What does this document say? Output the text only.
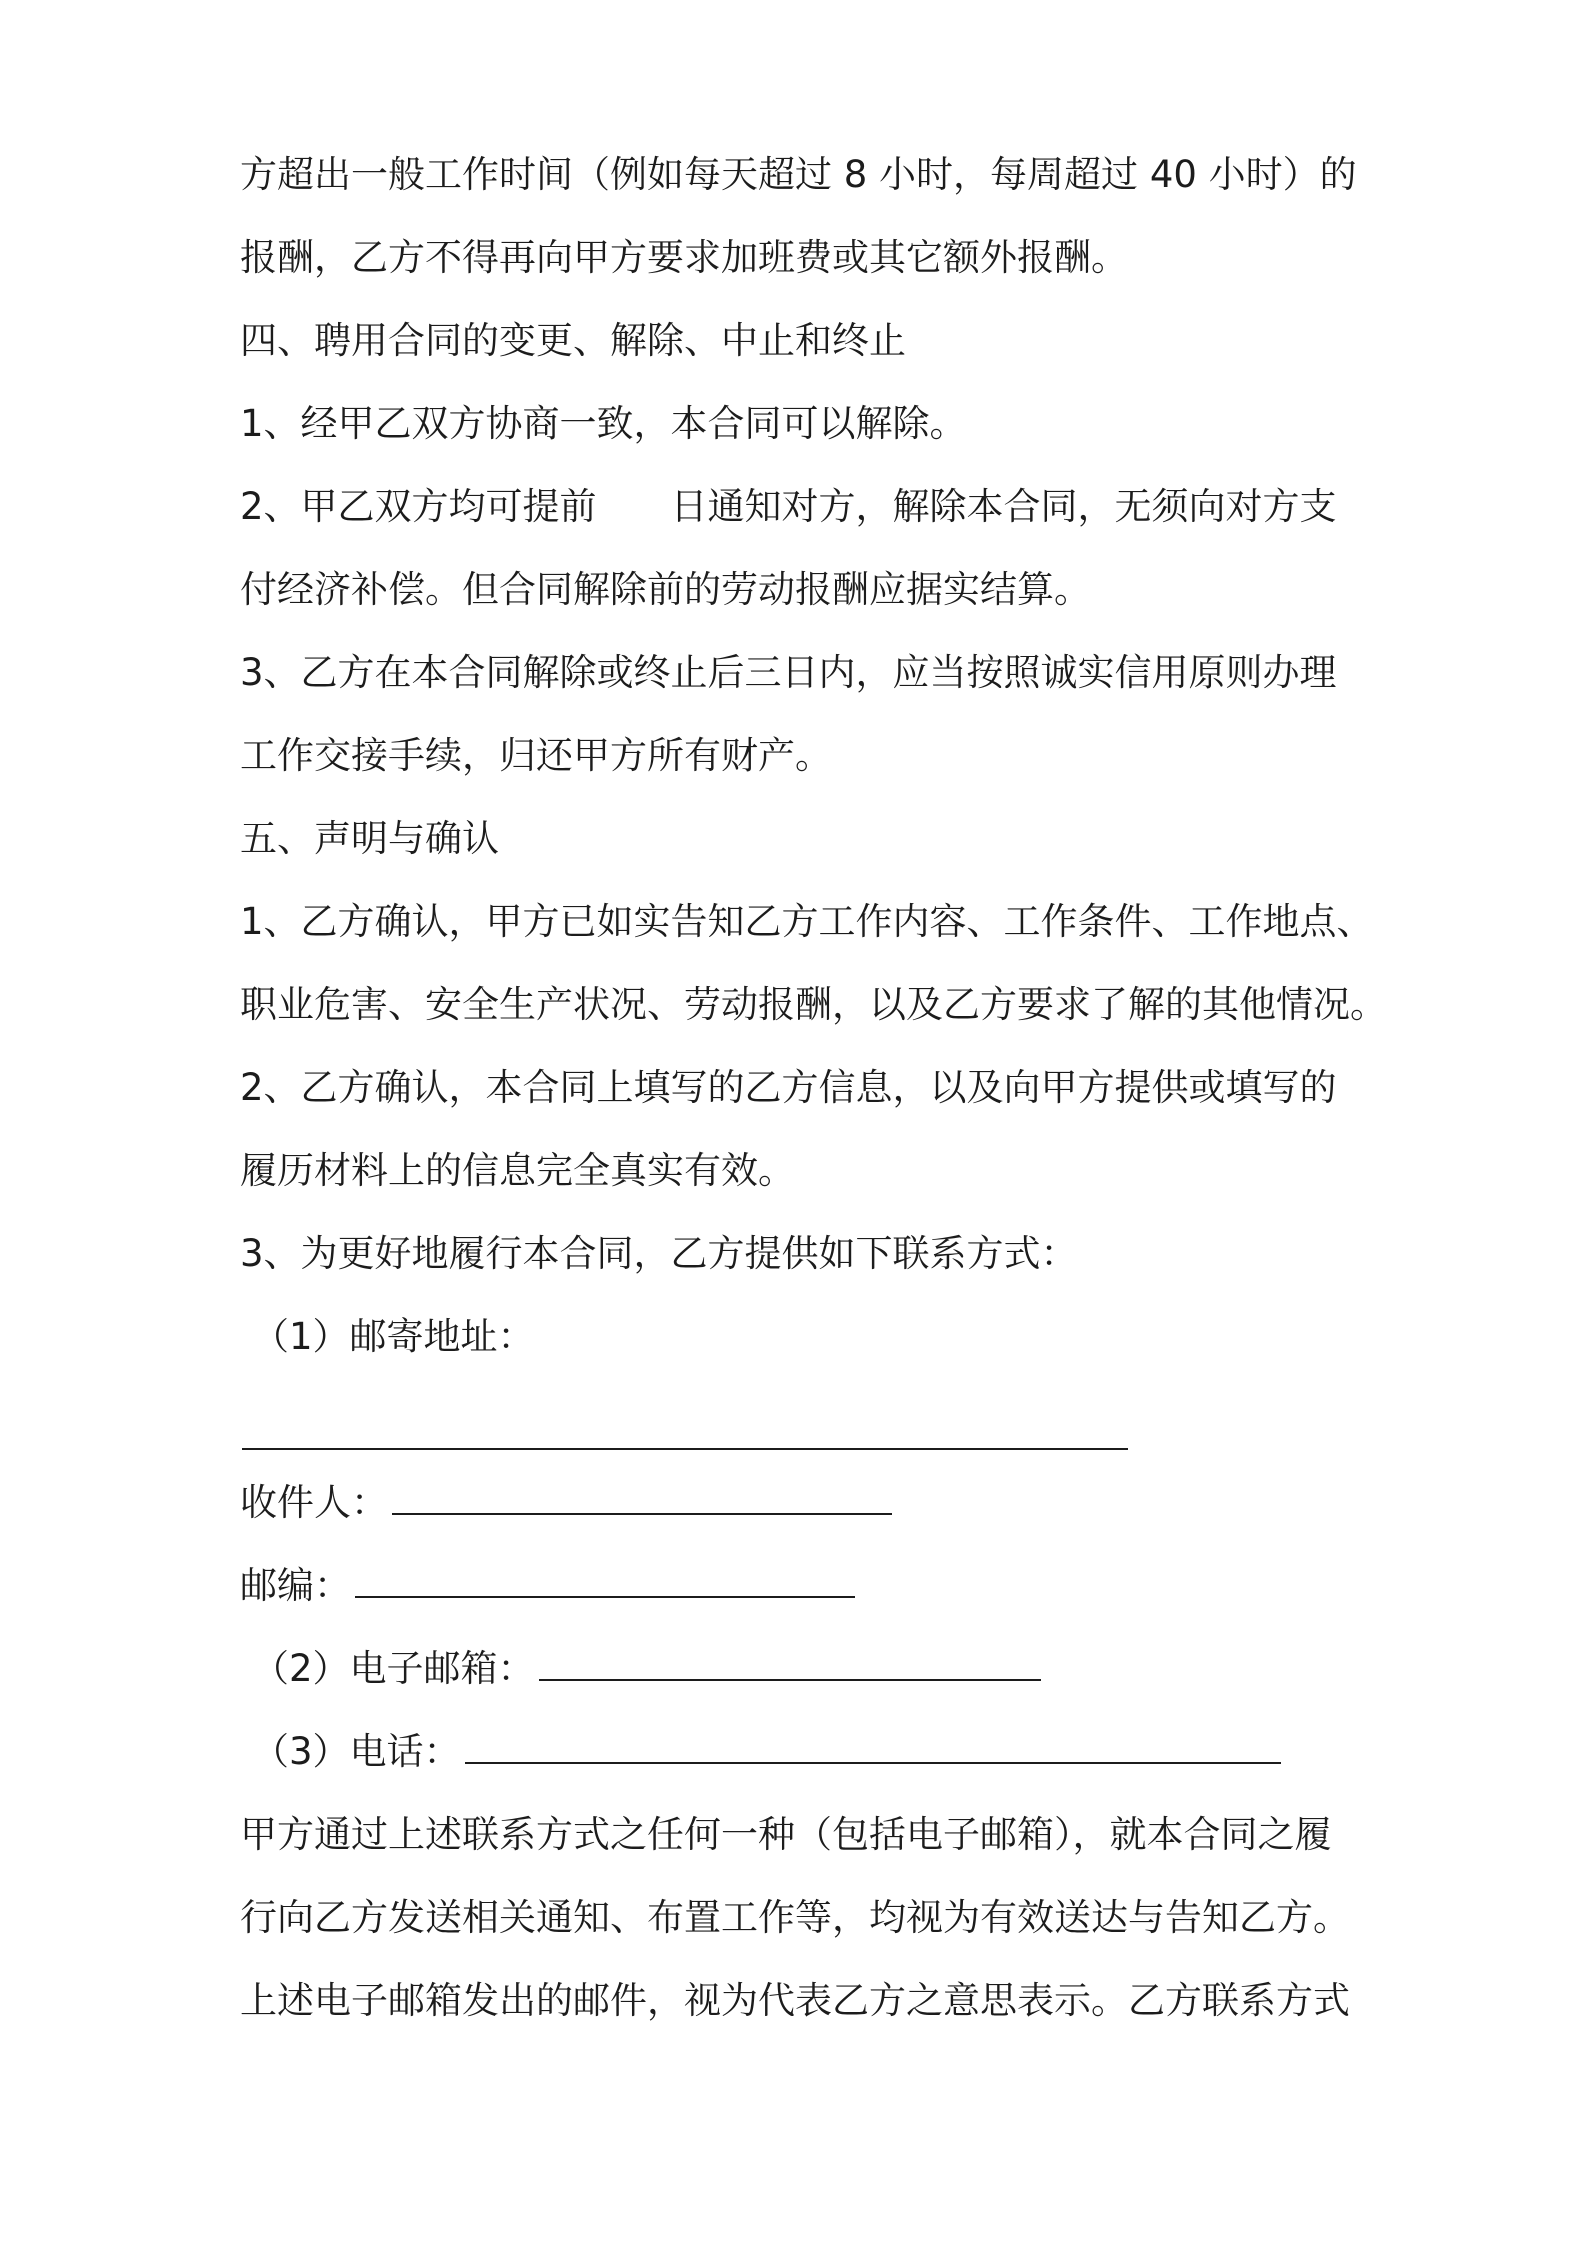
方超出一般工作时间（例如每天超过 8 小时，每周超过 40 小时）的
报酬，乙方不得再向甲方要求加班费或其它额外报酬。
四、聘用合同的变更、解除、中止和终止
1、经甲乙双方协商一致，本合同可以解除。
2、甲乙双方均可提前 日通知对方，解除本合同，无须向对方支
付经济补偿。但合同解除前的劳动报酬应据实结算。
3、乙方在本合同解除或终止后三日内，应当按照诚实信用原则办理
工作交接手续，归还甲方所有财产。
五、声明与确认
1、乙方确认，甲方已如实告知乙方工作内容、工作条件、工作地点、
职业危害、安全生产状况、劳动报酬，以及乙方要求了解的其他情况。
2、乙方确认，本合同上填写的乙方信息，以及向甲方提供或填写的
履历材料上的信息完全真实有效。
3、为更好地履行本合同，乙方提供如下联系方式：
（1）邮寄地址：
收件人：
邮编：
（2）电子邮箱：
（3）电话：
甲方通过上述联系方式之任何一种（包括电子邮箱），就本合同之履
行向乙方发送相关通知、布置工作等，均视为有效送达与告知乙方。
上述电子邮箱发出的邮件，视为代表乙方之意思表示。乙方联系方式
